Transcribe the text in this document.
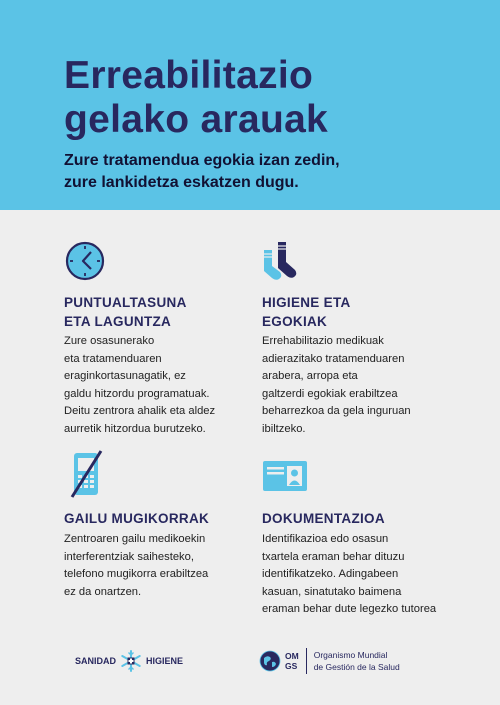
Erreabilitazio
gelako arauak

Zure tratamendua egokia izan zedin,
zure lankidetza eskatzen dugu.

PUNTUALTASUNA
ETA LAGUNTZA

Zure osasunerako
eta tratamenduaren
eraginkortasunagatik, ez
galdu hitzordu programatuak.
Deitu zentrora ahalik eta aldez
aurretik hitzordua burutzeko.

HIGIENE ETA
EGOKIAK

Errehabilitazio medikuak
adierazitako tratamenduaren
arabera, arropa eta
galtzerdi egokiak erabiltzea
beharrezkoa da gela inguruan
ibiltzeko.

GAILU MUGIKORRAK

Zentroaren gailu medikoekin
interferentziak saihesteko,
telefono mugikorra erabiltzea
ez da onartzen.

DOKUMENTAZIOA

Identifikazioa edo osasun
txartela eraman behar dituzu
identifikatzeko. Adingabeen
kasuan, sinatutako baimena
eraman behar dute legezko tutorea

SANIDAD	HIGIENE	OM
GS
Organismo Mundial
de Gestión de la Salud
